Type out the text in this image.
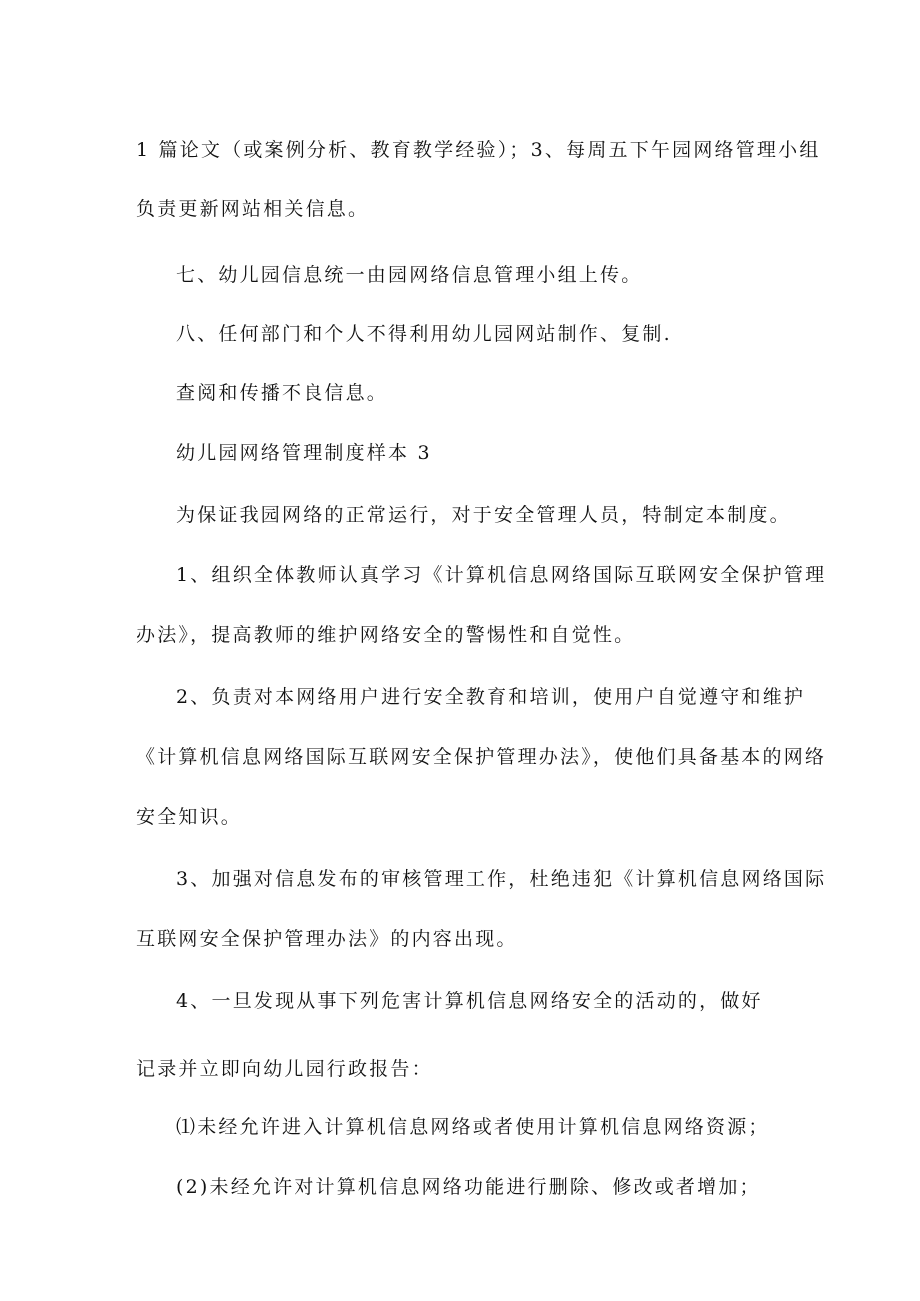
1 篇论文（或案例分析、教育教学经验）；3、每周五下午园网络管理小组
负责更新网站相关信息。
七、幼儿园信息统一由园网络信息管理小组上传。
八、任何部门和个人不得利用幼儿园网站制作、复制.
查阅和传播不良信息。
幼儿园网络管理制度样本 3
为保证我园网络的正常运行，对于安全管理人员，特制定本制度。
1、组织全体教师认真学习《计算机信息网络国际互联网安全保护管理
办法》，提高教师的维护网络安全的警惕性和自觉性。
2、负责对本网络用户进行安全教育和培训，使用户自觉遵守和维护
《计算机信息网络国际互联网安全保护管理办法》，使他们具备基本的网络
安全知识。
3、加强对信息发布的审核管理工作，杜绝违犯《计算机信息网络国际
互联网安全保护管理办法》的内容出现。
4、一旦发现从事下列危害计算机信息网络安全的活动的，做好
记录并立即向幼儿园行政报告：
⑴未经允许进入计算机信息网络或者使用计算机信息网络资源；
(2)未经允许对计算机信息网络功能进行删除、修改或者增加；
